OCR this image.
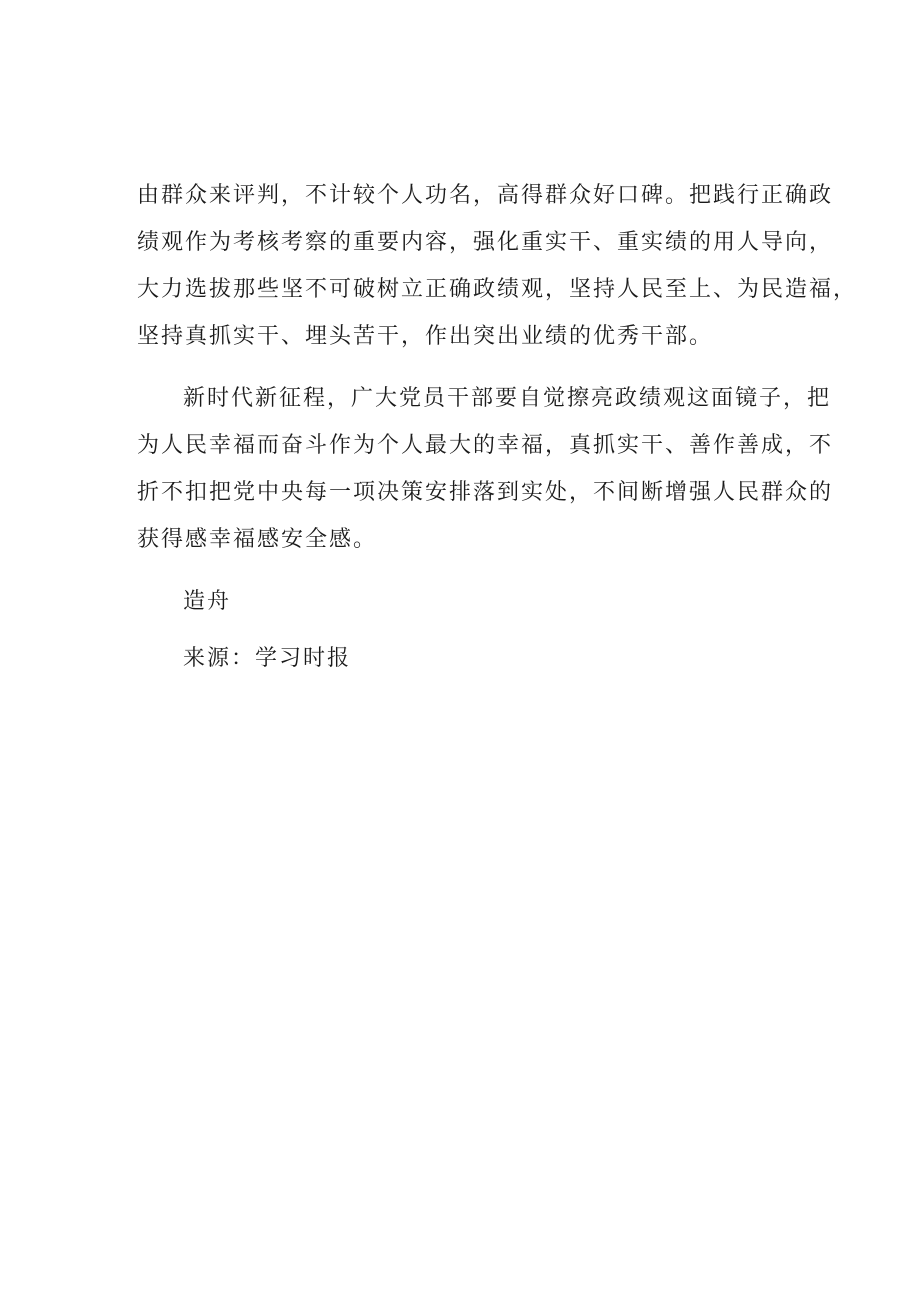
由群众来评判，不计较个人功名，高得群众好口碑。把践行正确政
绩观作为考核考察的重要内容，强化重实干、重实绩的用人导向，
大力选拔那些坚不可破树立正确政绩观，坚持人民至上、为民造福，
坚持真抓实干、埋头苦干，作出突出业绩的优秀干部。

新时代新征程，广大党员干部要自觉擦亮政绩观这面镜子，把
为人民幸福而奋斗作为个人最大的幸福，真抓实干、善作善成，不
折不扣把党中央每一项决策安排落到实处，不间断增强人民群众的
获得感幸福感安全感。

造舟

来源：学习时报
